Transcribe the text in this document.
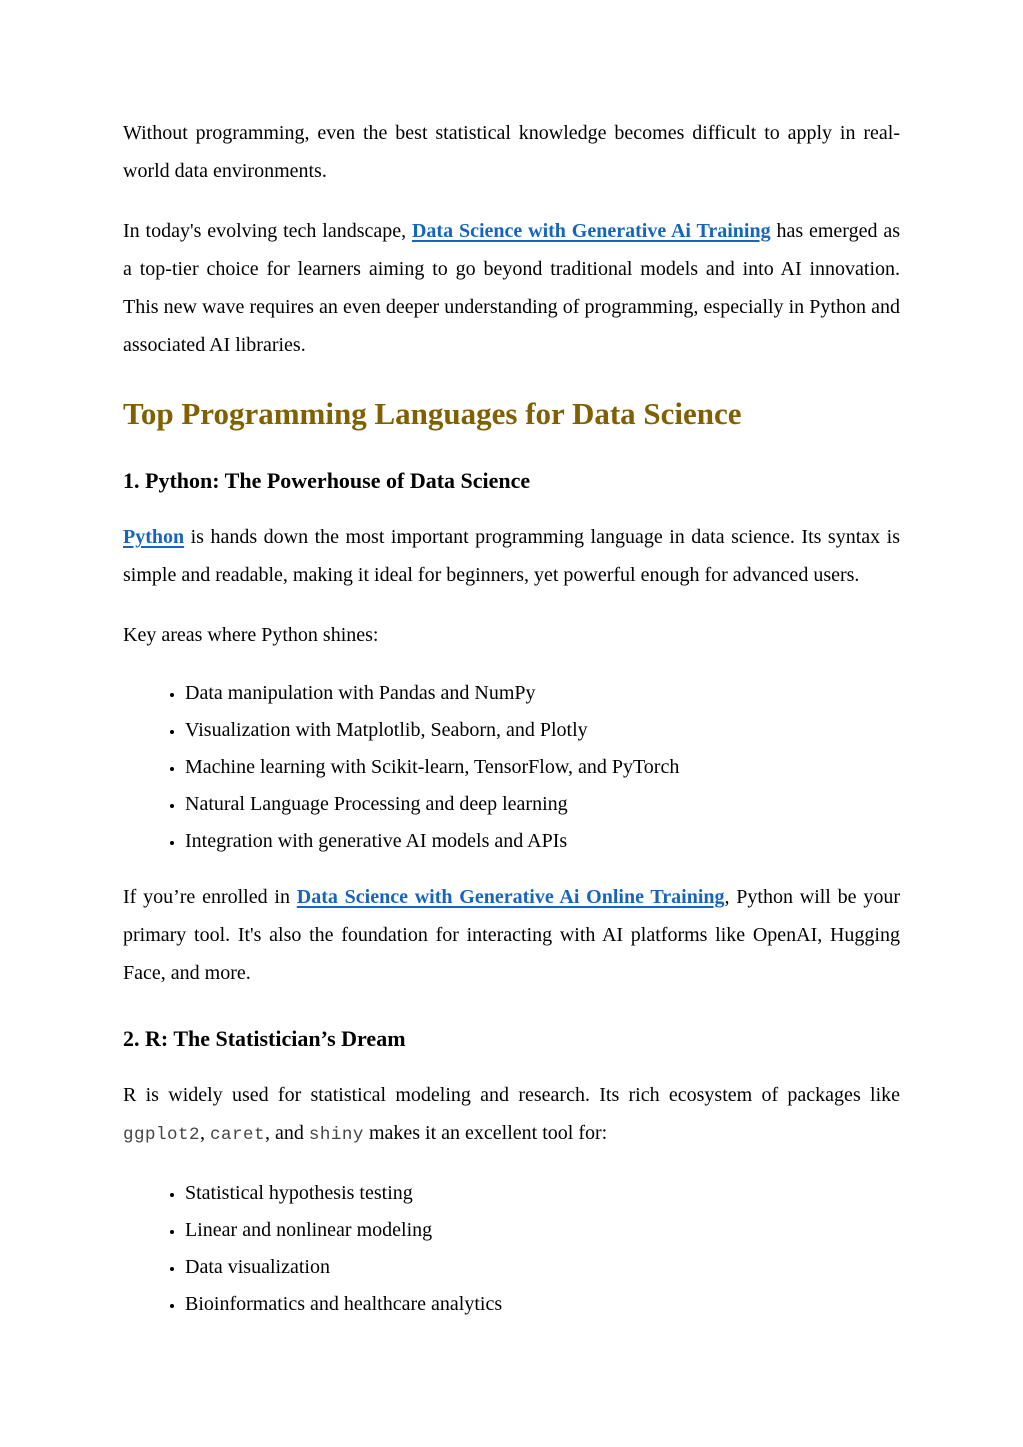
Without programming, even the best statistical knowledge becomes difficult to apply in real-world data environments.

In today's evolving tech landscape, Data Science with Generative Ai Training has emerged as a top-tier choice for learners aiming to go beyond traditional models and into AI innovation. This new wave requires an even deeper understanding of programming, especially in Python and associated AI libraries.

Top Programming Languages for Data Science
1. Python: The Powerhouse of Data Science

Python is hands down the most important programming language in data science. Its syntax is simple and readable, making it ideal for beginners, yet powerful enough for advanced users.

Key areas where Python shines:

• Data manipulation with Pandas and NumPy
• Visualization with Matplotlib, Seaborn, and Plotly
• Machine learning with Scikit-learn, TensorFlow, and PyTorch
• Natural Language Processing and deep learning
• Integration with generative AI models and APIs

If you’re enrolled in Data Science with Generative Ai Online Training, Python will be your primary tool. It's also the foundation for interacting with AI platforms like OpenAI, Hugging Face, and more.

2. R: The Statistician’s Dream

R is widely used for statistical modeling and research. Its rich ecosystem of packages like ggplot2, caret, and shiny makes it an excellent tool for:

• Statistical hypothesis testing
• Linear and nonlinear modeling
• Data visualization
• Bioinformatics and healthcare analytics
